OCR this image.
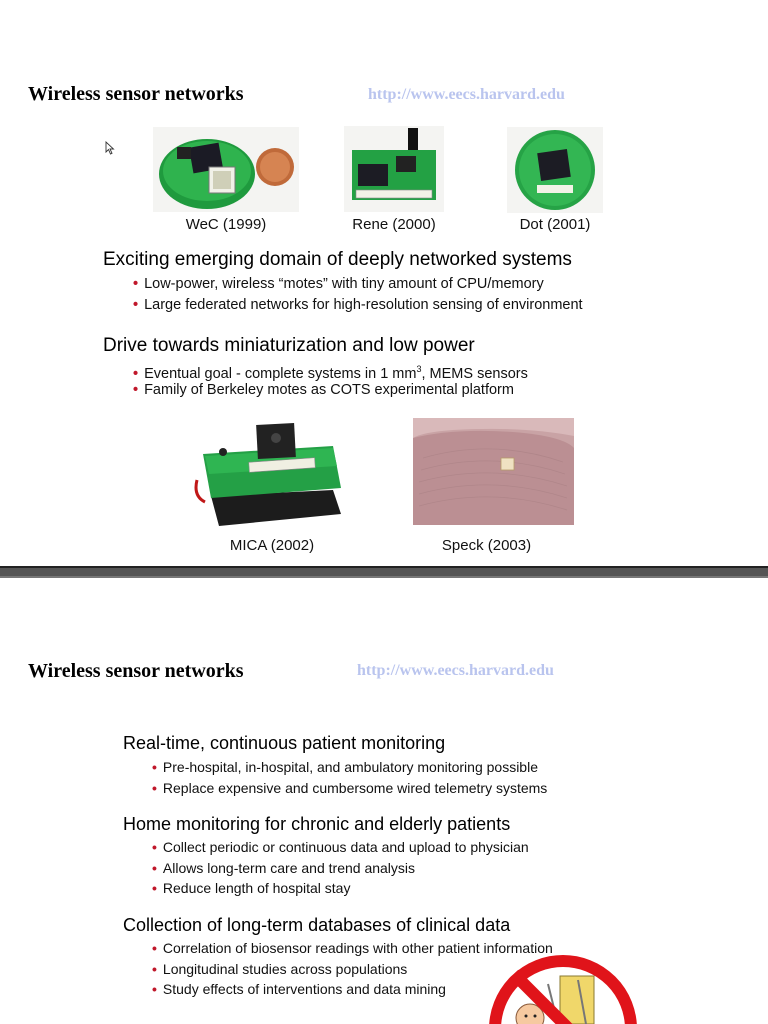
Wireless sensor networks	http://www.eecs.harvard.edu
WeC (1999)	Rene (2000)	Dot (2001)
Exciting emerging domain of deeply networked systems
• Low-power, wireless “motes” with tiny amount of CPU/memory
• Large federated networks for high-resolution sensing of environment
Drive towards miniaturization and low power
• Eventual goal - complete systems in 1 $mm^3$, MEMS sensors
• Family of Berkeley motes as COTS experimental platform
MICA (2002)	Speck (2003)
Wireless sensor networks	http://www.eecs.harvard.edu
Real-time, continuous patient monitoring
• Pre-hospital, in-hospital, and ambulatory monitoring possible
• Replace expensive and cumbersome wired telemetry systems
Home monitoring for chronic and elderly patients
• Collect periodic or continuous data and upload to physician
• Allows long-term care and trend analysis
• Reduce length of hospital stay
Collection of long-term databases of clinical data
• Correlation of biosensor readings with other patient information
• Longitudinal studies across populations
• Study effects of interventions and data mining
